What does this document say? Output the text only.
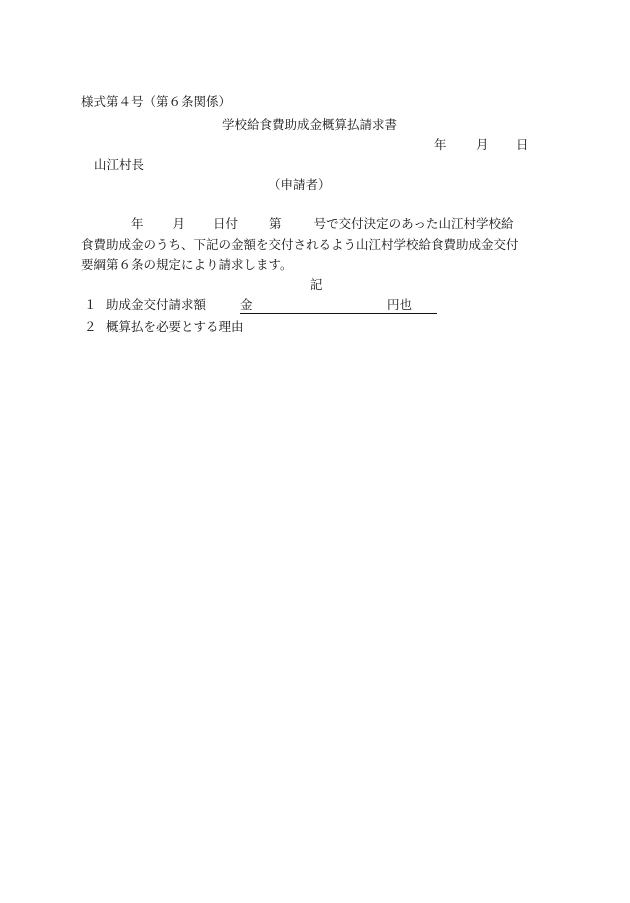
様式第４号（第６条関係）
学校給食費助成金概算払請求書
年 月 日
山江村長
（申請者）
年 月 日付 第	号で交付決定のあった山江村学校給
食費助成金のうち、下記の金額を交付されるよう山江村学校給食費助成金交付
要綱第６条の規定により請求します。
記
１ 助成金交付請求額	金	円也
２ 概算払を必要とする理由
